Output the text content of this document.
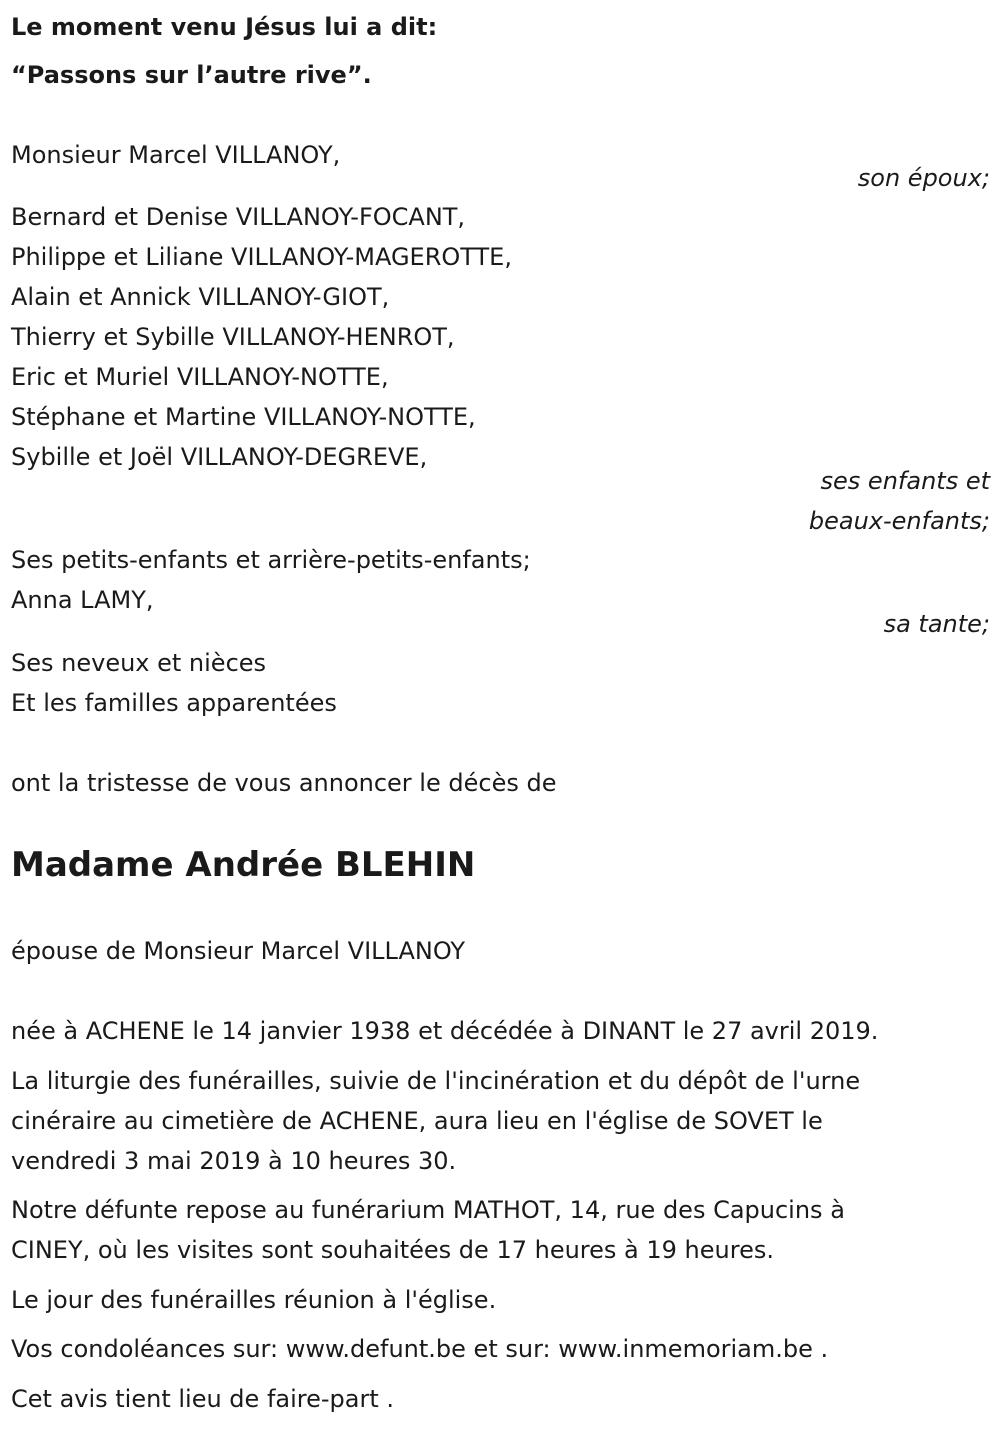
Le moment venu Jésus lui a dit:
“Passons sur l’autre rive”.
Monsieur Marcel VILLANOY,
son époux;
Bernard et Denise VILLANOY-FOCANT,
Philippe et Liliane VILLANOY-MAGEROTTE,
Alain et Annick VILLANOY-GIOT,
Thierry et Sybille VILLANOY-HENROT,
Eric et Muriel VILLANOY-NOTTE,
Stéphane et Martine VILLANOY-NOTTE,
Sybille et Joël VILLANOY-DEGREVE,
ses enfants et
beaux-enfants;
Ses petits-enfants et arrière-petits-enfants;
Anna LAMY,
sa tante;
Ses neveux et nièces
Et les familles apparentées
ont la tristesse de vous annoncer le décès de
Madame Andrée BLEHIN
épouse de Monsieur Marcel VILLANOY
née à ACHENE le 14 janvier 1938 et décédée à DINANT le 27 avril 2019.
La liturgie des funérailles, suivie de l'incinération et du dépôt de l'urne
cinéraire au cimetière de ACHENE, aura lieu en l'église de SOVET le
vendredi 3 mai 2019 à 10 heures 30.
Notre défunte repose au funérarium MATHOT, 14, rue des Capucins à
CINEY, où les visites sont souhaitées de 17 heures à 19 heures.
Le jour des funérailles réunion à l'église.
Vos condoléances sur: www.defunt.be et sur: www.inmemoriam.be .
Cet avis tient lieu de faire-part .
